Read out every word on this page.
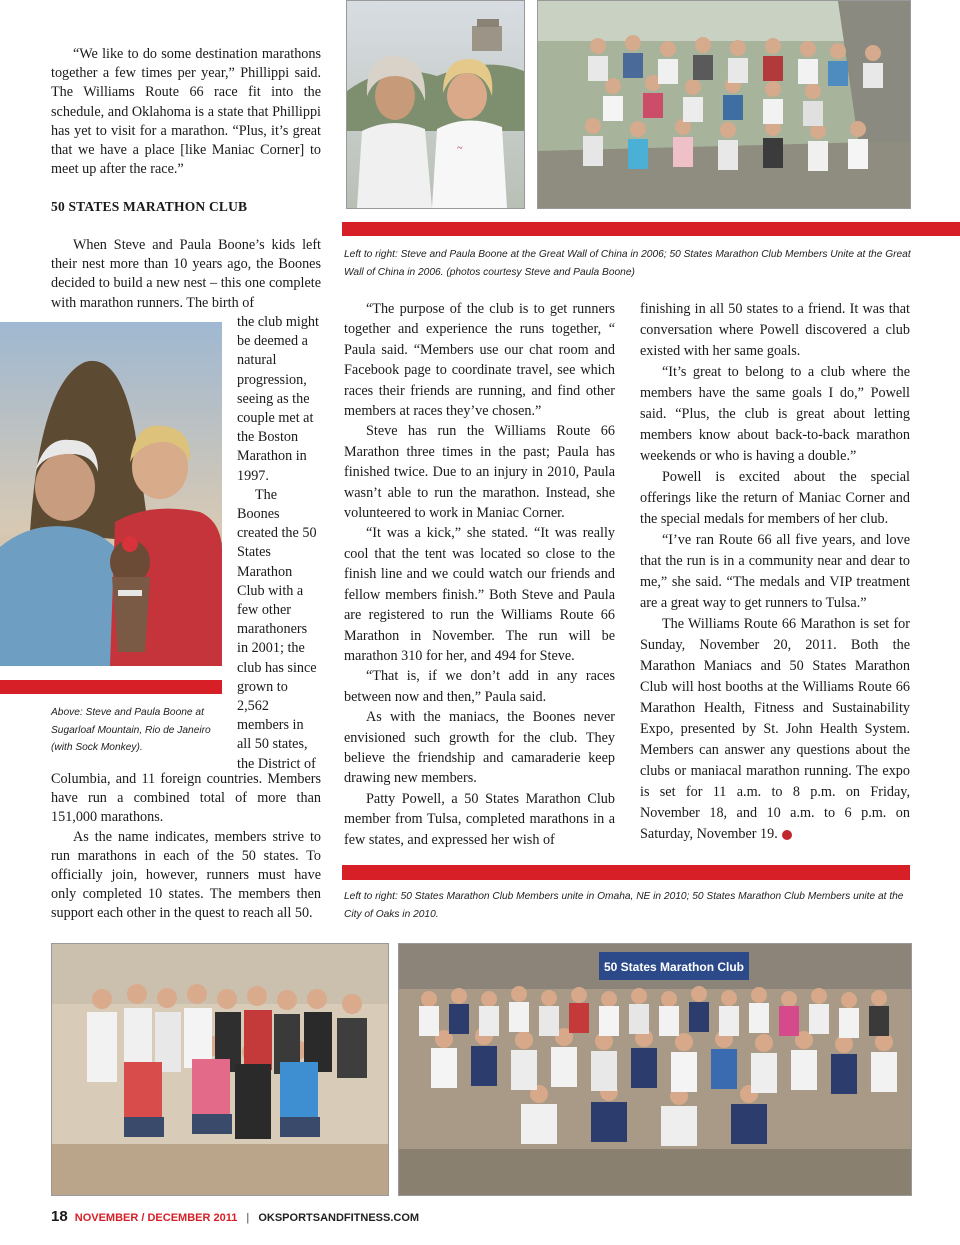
“We like to do some destination marathons together a few times per year,” Phillippi said. The Williams Route 66 race fit into the schedule, and Oklahoma is a state that Phillippi has yet to visit for a marathon. “Plus, it’s great that we have a place [like Maniac Corner] to meet up after the race.”

50 STATES MARATHON CLUB

When Steve and Paula Boone’s kids left their nest more than 10 years ago, the Boones decided to build a new nest – this one complete with marathon runners. The birth of

the club might be deemed a natural progression, seeing as the couple met at the Boston Marathon in 1997.

The Boones created the 50 States Marathon Club with a few other marathoners in 2001; the club has since grown to 2,562 members in all 50 states, the District of

Columbia, and 11 foreign countries. Members have run a combined total of more than 151,000 marathons.

As the name indicates, members strive to run marathons in each of the 50 states. To officially join, however, runners must have only completed 10 states. The members then support each other in the quest to reach all 50.

Above: Steve and Paula Boone at Sugarloaf Mountain, Rio de Janeiro (with Sock Monkey).
~
Left to right: Steve and Paula Boone at the Great Wall of China in 2006; 50 States Marathon Club Members Unite at the Great Wall of China in 2006. (photos courtesy Steve and Paula Boone)

“The purpose of the club is to get runners together and experience the runs together, “ Paula said. “Members use our chat room and Facebook page to coordinate travel, see which races their friends are running, and find other members at races they’ve chosen.”

Steve has run the Williams Route 66 Marathon three times in the past; Paula has finished twice. Due to an injury in 2010, Paula wasn’t able to run the marathon. Instead, she volunteered to work in Maniac Corner.

“It was a kick,” she stated. “It was really cool that the tent was located so close to the finish line and we could watch our friends and fellow members finish.” Both Steve and Paula are registered to run the Williams Route 66 Marathon in November. The run will be marathon 310 for her, and 494 for Steve.

“That is, if we don’t add in any races between now and then,” Paula said.

As with the maniacs, the Boones never envisioned such growth for the club. They believe the friendship and camaraderie keep drawing new members.

Patty Powell, a 50 States Marathon Club member from Tulsa, completed marathons in a few states, and expressed her wish of

finishing in all 50 states to a friend. It was that conversation where Powell discovered a club existed with her same goals.

“It’s great to belong to a club where the members have the same goals I do,” Powell said. “Plus, the club is great about letting members know about back-to-back marathon weekends or who is having a double.”

Powell is excited about the special offerings like the return of Maniac Corner and the special medals for members of her club.

“I’ve ran Route 66 all five years, and love that the run is in a community near and dear to me,” she said. “The medals and VIP treatment are a great way to get runners to Tulsa.”

The Williams Route 66 Marathon is set for Sunday, November 20, 2011. Both the Marathon Maniacs and 50 States Marathon Club will host booths at the Williams Route 66 Marathon Health, Fitness and Sustainability Expo, presented by St. John Health System. Members can answer any questions about the clubs or maniacal marathon running. The expo is set for 11 a.m. to 8 p.m. on Friday, November 18, and 10 a.m. to 6 p.m. on Saturday, November 19.	❖

Left to right: 50 States Marathon Club Members unite in Omaha, NE in 2010; 50 States Marathon Club Members unite at the City of Oaks in 2010.
50 States Marathon Club
18 NOVEMBER / DECEMBER 2011 | OKSPORTSANDFITNESS.COM
